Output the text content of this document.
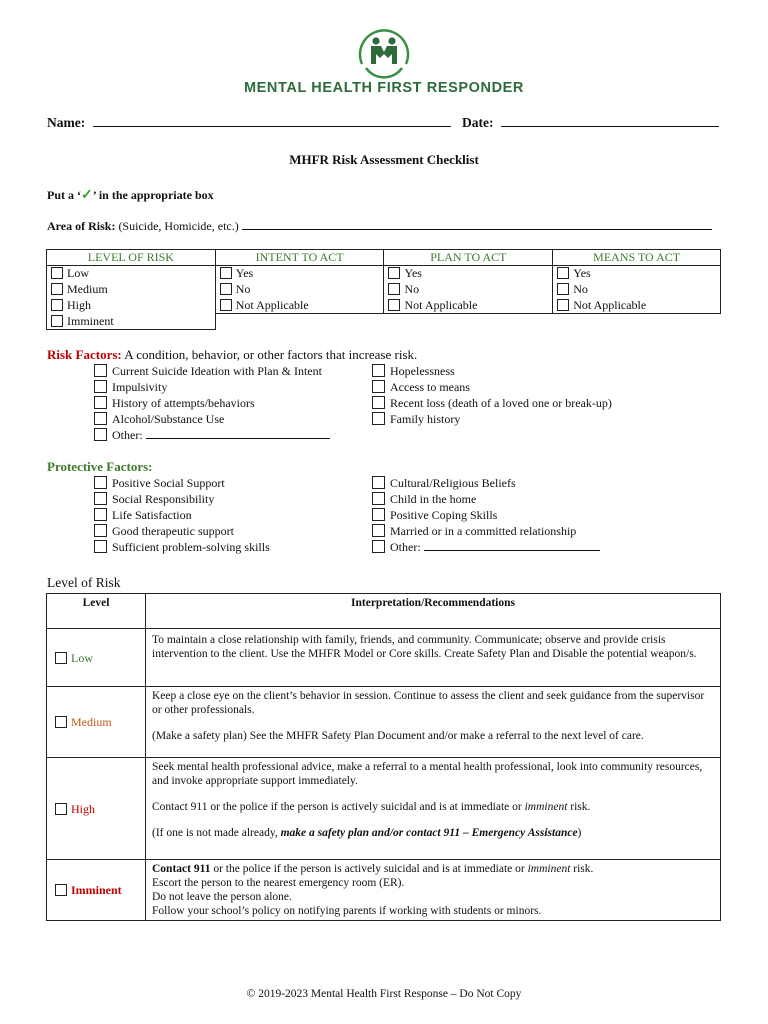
MENTAL HEALTH FIRST RESPONDER
Name:	Date:
MHFR Risk Assessment Checklist
Put a ‘✓’ in the appropriate box
Area of Risk: (Suicide, Homicide, etc.)
LEVEL OF RISK	INTENT TO ACT	PLAN TO ACT	MEANS TO ACT
Low	Yes	Yes	Yes
Medium	No	No	No
High	Not Applicable	Not Applicable	Not Applicable
Imminent			
Risk Factors: A condition, behavior, or other factors that increase risk.
Current Suicide Ideation with Plan & Intent
Impulsivity
History of attempts/behaviors
Alcohol/Substance Use
Other:
Hopelessness
Access to means
Recent loss (death of a loved one or break-up)
Family history
Protective Factors:
Positive Social Support
Social Responsibility
Life Satisfaction
Good therapeutic support
Sufficient problem-solving skills
Cultural/Religious Beliefs
Child in the home
Positive Coping Skills
Married or in a committed relationship
Other:
Level of Risk
Level	Interpretation/Recommendations
Low	To maintain a close relationship with family, friends, and community. Communicate; observe and provide crisis intervention to the client. Use the MHFR Model or Core skills. Create Safety Plan and Disable the potential weapon/s.

Medium	Keep a close eye on the client’s behavior in session. Continue to assess the client and seek guidance from the supervisor or other professionals.

(Make a safety plan) See the MHFR Safety Plan Document and/or make a referral to the next level of care.

High	Seek mental health professional advice, make a referral to a mental health professional, look into community resources, and invoke appropriate support immediately.

Contact 911 or the police if the person is actively suicidal and is at immediate or imminent risk.

(If one is not made already, make a safety plan and/or contact 911 – Emergency Assistance)

Imminent	Contact 911 or the police if the person is actively suicidal and is at immediate or imminent risk.

Escort the person to the nearest emergency room (ER).

Do not leave the person alone.

Follow your school’s policy on notifying parents if working with students or minors.

© 2019-2023 Mental Health First Response – Do Not Copy
